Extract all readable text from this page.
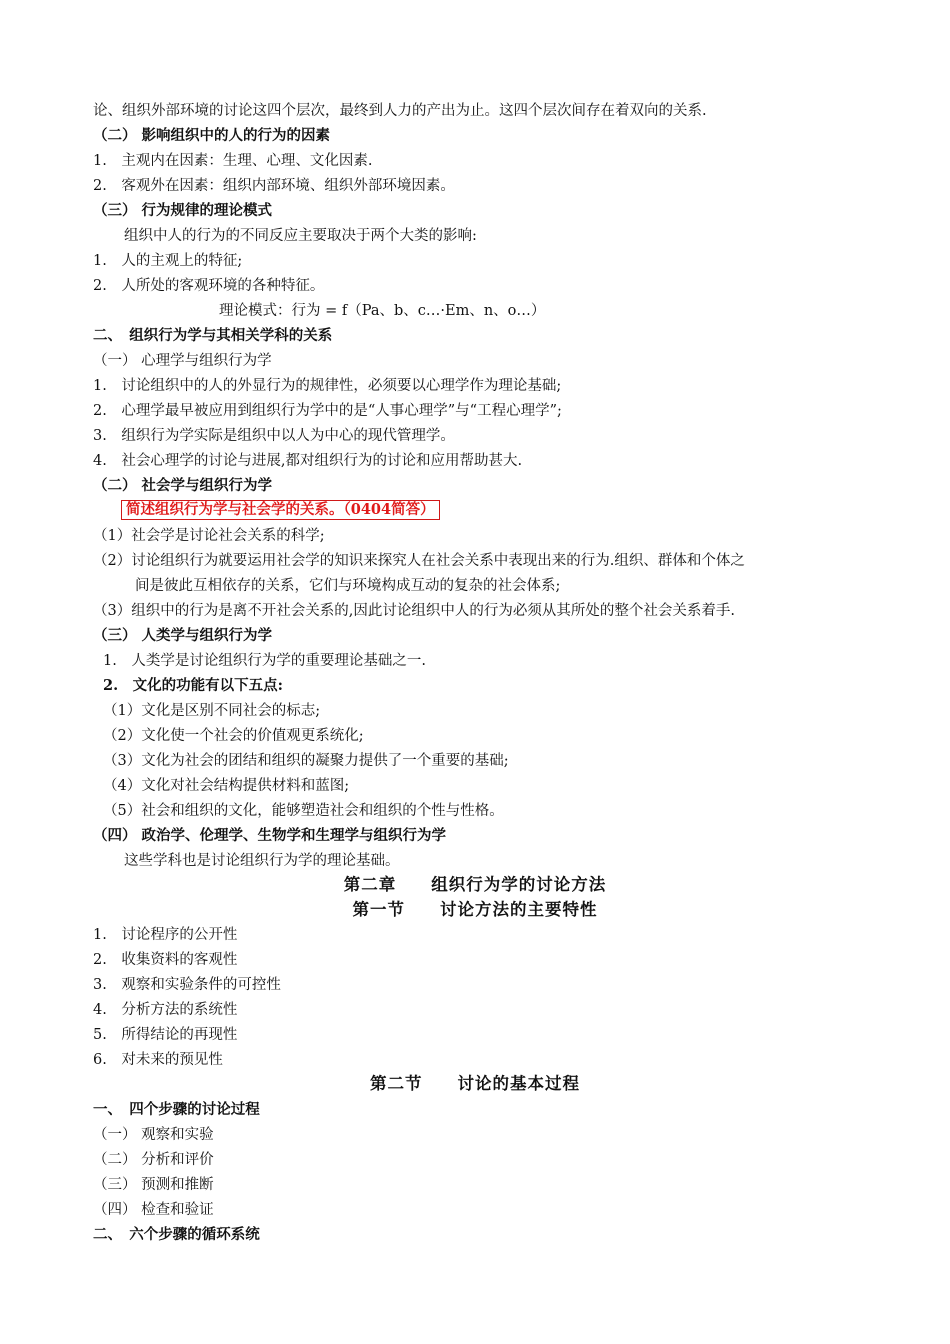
论、组织外部环境的讨论这四个层次，最终到人力的产出为止。这四个层次间存在着双向的关系.
（二） 影响组织中的人的行为的因素
1.　主观内在因素：生理、心理、文化因素.
2.　客观外在因素：组织内部环境、组织外部环境因素。
（三） 行为规律的理论模式
组织中人的行为的不同反应主要取决于两个大类的影响:
1.　人的主观上的特征;
2.　人所处的客观环境的各种特征。
理论模式：行为 = f（Pa、b、c…·Em、n、o…）
二、　组织行为学与其相关学科的关系
（一） 心理学与组织行为学
1.　讨论组织中的人的外显行为的规律性，必须要以心理学作为理论基础;
2.　心理学最早被应用到组织行为学中的是“人事心理学”与“工程心理学”;
3.　组织行为学实际是组织中以人为中心的现代管理学。
4.　社会心理学的讨论与进展,都对组织行为的讨论和应用帮助甚大.
（二） 社会学与组织行为学
简述组织行为学与社会学的关系。（0404简答）
（1）社会学是讨论社会关系的科学;
（2）讨论组织行为就要运用社会学的知识来探究人在社会关系中表现出来的行为.组织、群体和个体之
间是彼此互相依存的关系，它们与环境构成互动的复杂的社会体系;
（3）组织中的行为是离不开社会关系的,因此讨论组织中人的行为必须从其所处的整个社会关系着手.
（三） 人类学与组织行为学
1.　人类学是讨论组织行为学的重要理论基础之一.
2.　文化的功能有以下五点:
（1）文化是区别不同社会的标志;
（2）文化使一个社会的价值观更系统化;
（3）文化为社会的团结和组织的凝聚力提供了一个重要的基础;
（4）文化对社会结构提供材料和蓝图;
（5）社会和组织的文化，能够塑造社会和组织的个性与性格。
（四） 政治学、伦理学、生物学和生理学与组织行为学
这些学科也是讨论组织行为学的理论基础。
第二章　　组织行为学的讨论方法
第一节　　讨论方法的主要特性
1.　讨论程序的公开性
2.　收集资料的客观性
3.　观察和实验条件的可控性
4.　分析方法的系统性
5.　所得结论的再现性
6.　对未来的预见性
第二节　　讨论的基本过程
一、　四个步骤的讨论过程
（一） 观察和实验
（二） 分析和评价
（三） 预测和推断
（四） 检查和验证
二、　六个步骤的循环系统
